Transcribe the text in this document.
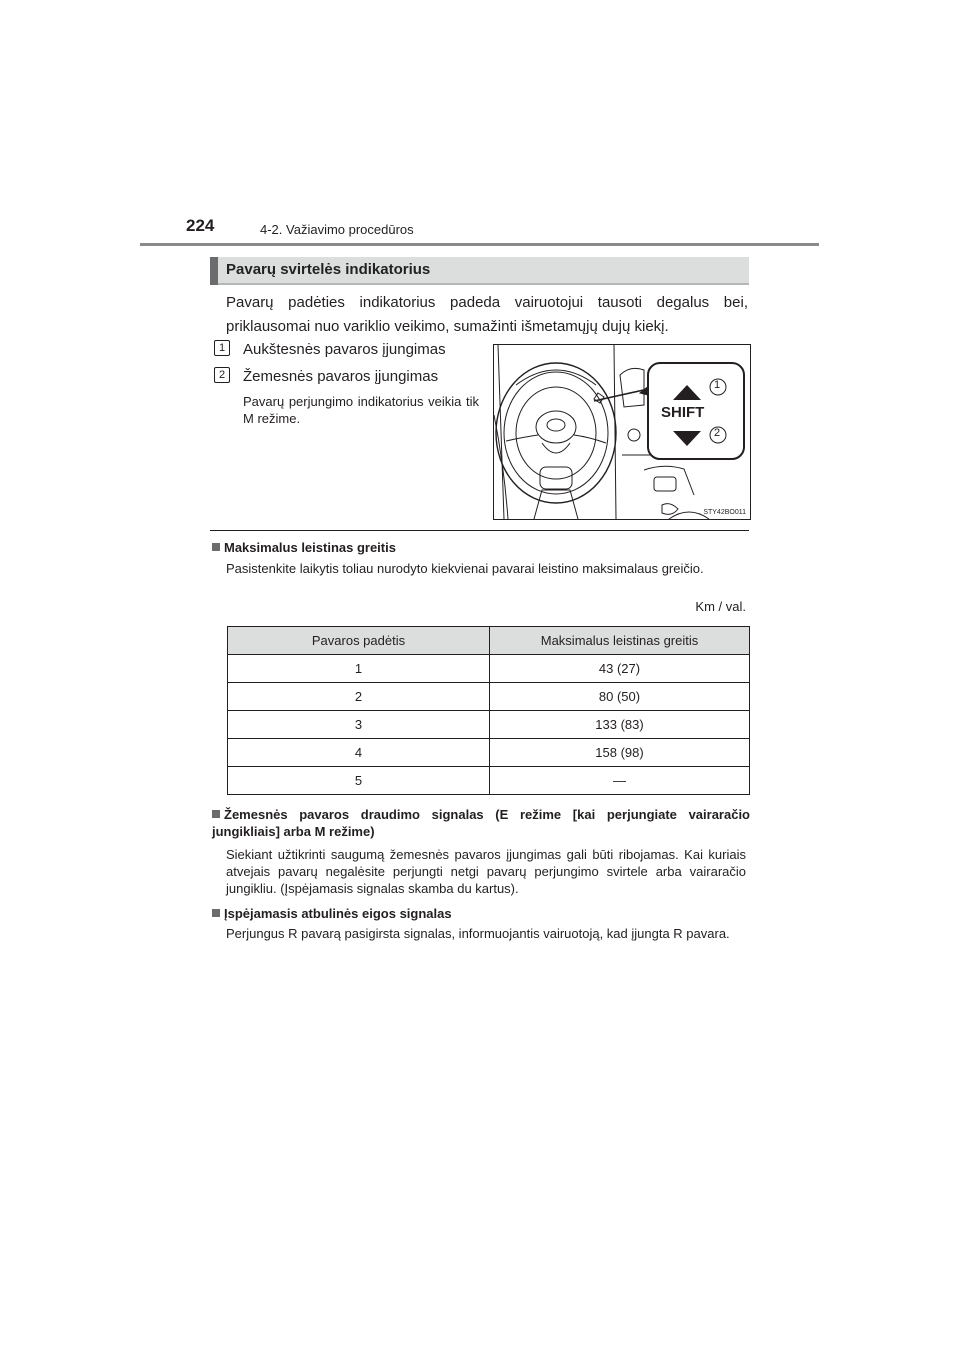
224	4-2. Važiavimo procedūros
Pavarų svirtelės indikatorius
Pavarų padėties indikatorius padeda vairuotojui tausoti degalus bei, priklausomai nuo variklio veikimo, sumažinti išmetamųjų dujų kiekį.
1	Aukštesnės pavaros įjungimas
2	Žemesnės pavaros įjungimas
Pavarų perjungimo indikatorius veikia tik M režime.	SHIFT
1
2
STY42BO011
Maksimalus leistinas greitis
Pasistenkite laikytis toliau nurodyto kiekvienai pavarai leistino maksimalaus greičio.
Km / val.
Pavaros padėtis	Maksimalus leistinas greitis
1	43 (27)
2	80 (50)
3	133 (83)
4	158 (98)
5	—
Žemesnės pavaros draudimo signalas (E režime [kai perjungiate vairaračio jungikliais] arba M režime)
Siekiant užtikrinti saugumą žemesnės pavaros įjungimas gali būti ribojamas. Kai kuriais atvejais pavarų negalėsite perjungti netgi pavarų perjungimo svirtele arba vairaračio jungikliu. (Įspėjamasis signalas skamba du kartus).
Įspėjamasis atbulinės eigos signalas
Perjungus R pavarą pasigirsta signalas, informuojantis vairuotoją, kad įjungta R pavara.
